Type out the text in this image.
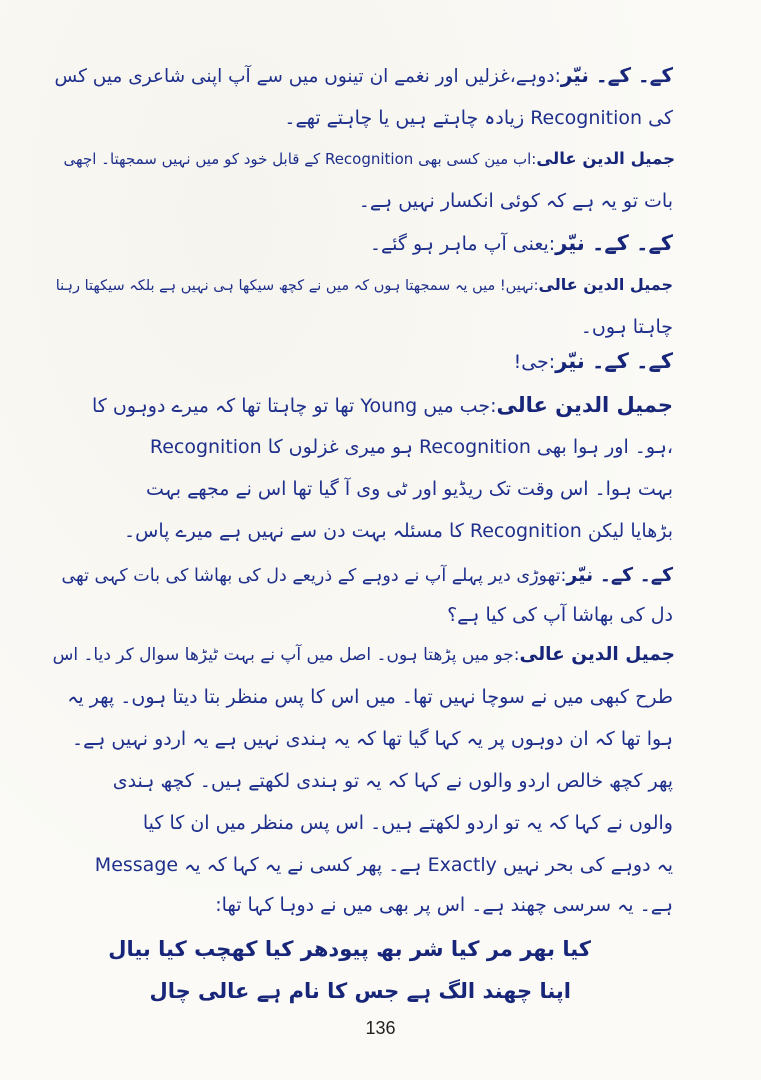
کے۔ کے۔ نیّر:دوہے،غزلیں اور نغمے ان تینوں میں سے آپ اپنی شاعری میں کس
کی Recognition زیادہ چاہتے ہیں یا چاہتے تھے۔
جمیل الدین عالی:اب مین کسی بھی Recognition کے قابل خود کو میں نہیں سمجھتا۔ اچھی
بات تو یہ ہے کہ کوئی انکسار نہیں ہے۔
کے۔ کے۔ نیّر:یعنی آپ ماہر ہو گئے۔
جمیل الدین عالی:نہیں! میں یہ سمجھتا ہوں کہ میں نے کچھ سیکھا ہی نہیں ہے بلکہ سیکھتا رہنا
چاہتا ہوں۔
کے۔ کے۔ نیّر:جی!
جمیل الدین عالی:جب میں Young تھا تو چاہتا تھا کہ میرے دوہوں کا
Recognition ہو میری غزلوں کا Recognition ہو۔ اور ہوا بھی،
بہت ہوا۔ اس وقت تک ریڈیو اور ٹی وی آ گیا تھا اس نے مجھے بہت
بڑھایا لیکن Recognition کا مسئلہ بہت دن سے نہیں ہے میرے پاس۔
کے۔ کے۔ نیّر:تھوڑی دیر پہلے آپ نے دوہے کے ذریعے دل کی بھاشا کی بات کہی تھی
دل کی بھاشا آپ کی کیا ہے؟
جمیل الدین عالی:جو میں پڑھتا ہوں۔ اصل میں آپ نے بہت ٹیڑھا سوال کر دیا۔ اس
طرح کبھی میں نے سوچا نہیں تھا۔ میں اس کا پس منظر بتا دیتا ہوں۔ پھر یہ
ہوا تھا کہ ان دوہوں پر یہ کہا گیا تھا کہ یہ ہندی نہیں ہے یہ اردو نہیں ہے۔
پھر کچھ خالص اردو والوں نے کہا کہ یہ تو ہندی لکھتے ہیں۔ کچھ ہندی
والوں نے کہا کہ یہ تو اردو لکھتے ہیں۔ اس پس منظر میں ان کا کیا
Message ہے۔ پھر کسی نے یہ کہا کہ یہ Exactly یہ دوہے کی بحر نہیں
ہے۔ یہ سرسی چھند ہے۔ اس پر بھی میں نے دوہا کہا تھا:
کیا بھر مر کیا شر بھ پیودھر کیا کھچب کیا بیال
اپنا چھند الگ ہے جس کا نام ہے عالی چال
136
